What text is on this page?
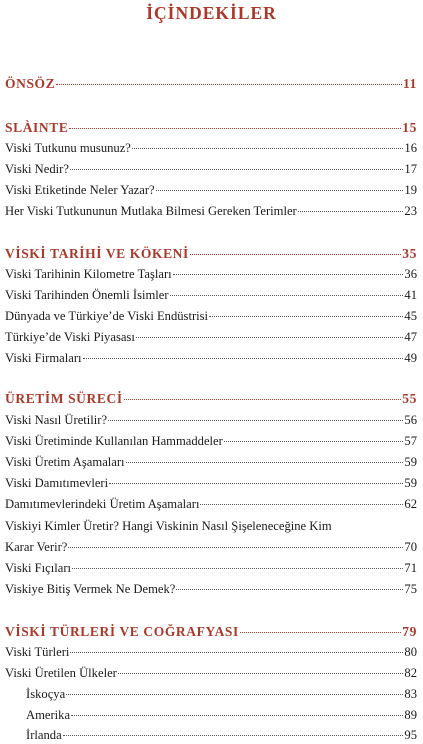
İÇİNDEKİLER
ÖNSÖZ	11
SLÀINTE	15
Viski Tutkunu musunuz?	16
Viski Nedir?	17
Viski Etiketinde Neler Yazar?	19
Her Viski Tutkununun Mutlaka Bilmesi Gereken Terimler	23
VİSKİ TARİHİ VE KÖKENİ	35
Viski Tarihinin Kilometre Taşları	36
Viski Tarihinden Önemli İsimler	41
Dünyada ve Türkiye’de Viski Endüstrisi	45
Türkiye’de Viski Piyasası	47
Viski Firmaları	49
ÜRETİM SÜRECİ	55
Viski Nasıl Üretilir?	56
Viski Üretiminde Kullanılan Hammaddeler	57
Viski Üretim Aşamaları	59
Viski Damıtımevleri	59
Damıtımevlerindeki Üretim Aşamaları	62
Viskiyi Kimler Üretir? Hangi Viskinin Nasıl Şişeleneceğine Kim
Karar Verir?	70
Viski Fıçıları	71
Viskiye Bitiş Vermek Ne Demek?	75
VİSKİ TÜRLERİ VE COĞRAFYASI	79
Viski Türleri	80
Viski Üretilen Ülkeler	82
İskoçya	83
Amerika	89
İrlanda	95
